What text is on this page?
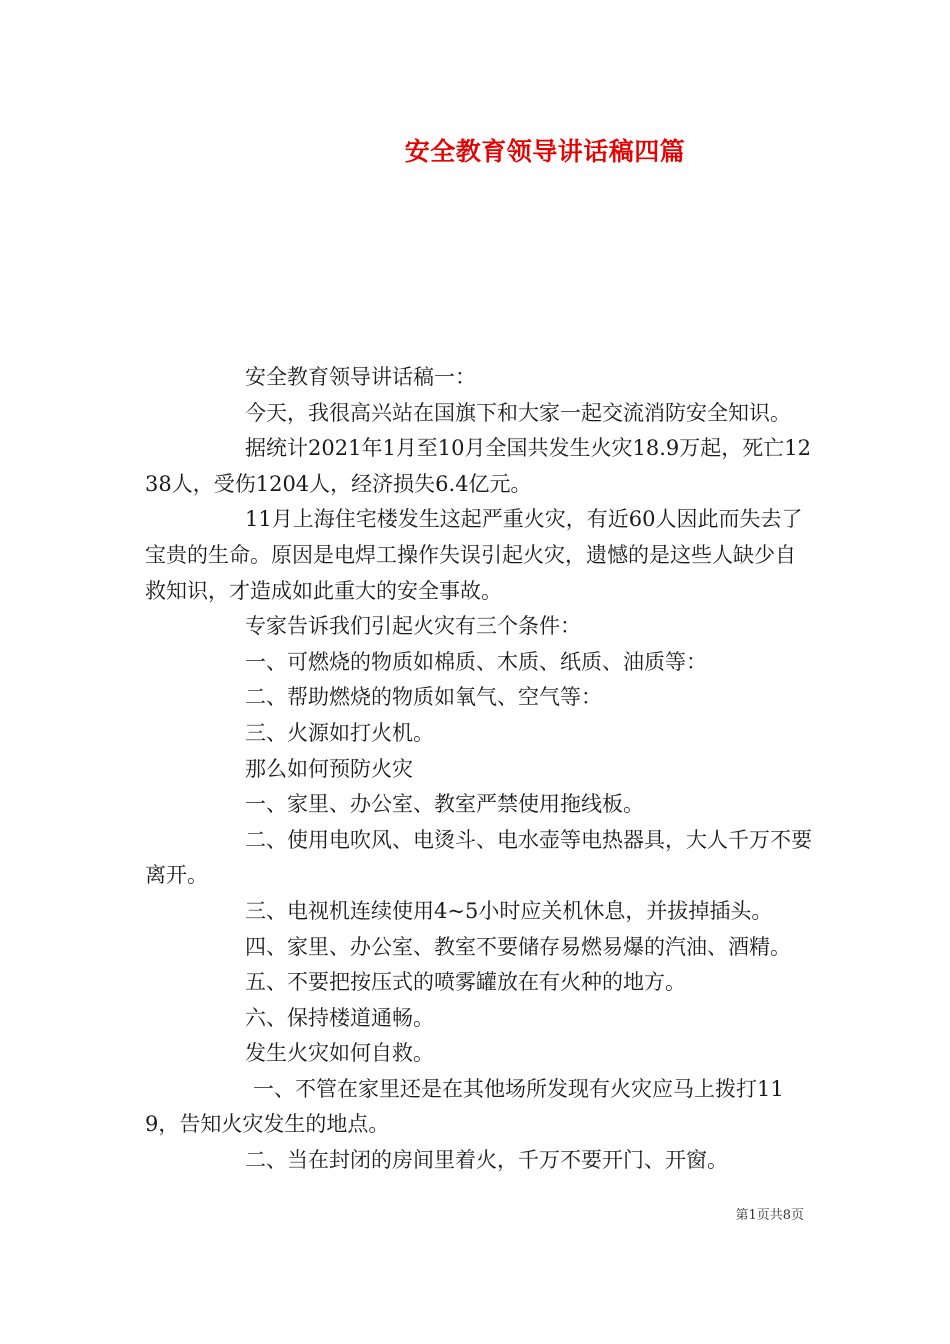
安全教育领导讲话稿四篇

安全教育领导讲话稿一：

今天，我很高兴站在国旗下和大家一起交流消防安全知识。

据统计2021年1月至10月全国共发生火灾18.9万起，死亡1238人，受伤1204人，经济损失6.4亿元。

11月上海住宅楼发生这起严重火灾，有近60人因此而失去了宝贵的生命。原因是电焊工操作失误引起火灾，遗憾的是这些人缺少自救知识，才造成如此重大的安全事故。

专家告诉我们引起火灾有三个条件：

一、可燃烧的物质如棉质、木质、纸质、油质等：

二、帮助燃烧的物质如氧气、空气等：

三、火源如打火机。

那么如何预防火灾

一、家里、办公室、教室严禁使用拖线板。

二、使用电吹风、电烫斗、电水壶等电热器具，大人千万不要离开。

三、电视机连续使用4~5小时应关机休息，并拔掉插头。

四、家里、办公室、教室不要储存易燃易爆的汽油、酒精。

五、不要把按压式的喷雾罐放在有火种的地方。

六、保持楼道通畅。

发生火灾如何自救。

一、不管在家里还是在其他场所发现有火灾应马上拨打119，告知火灾发生的地点。

二、当在封闭的房间里着火，千万不要开门、开窗。

第1页共8页
